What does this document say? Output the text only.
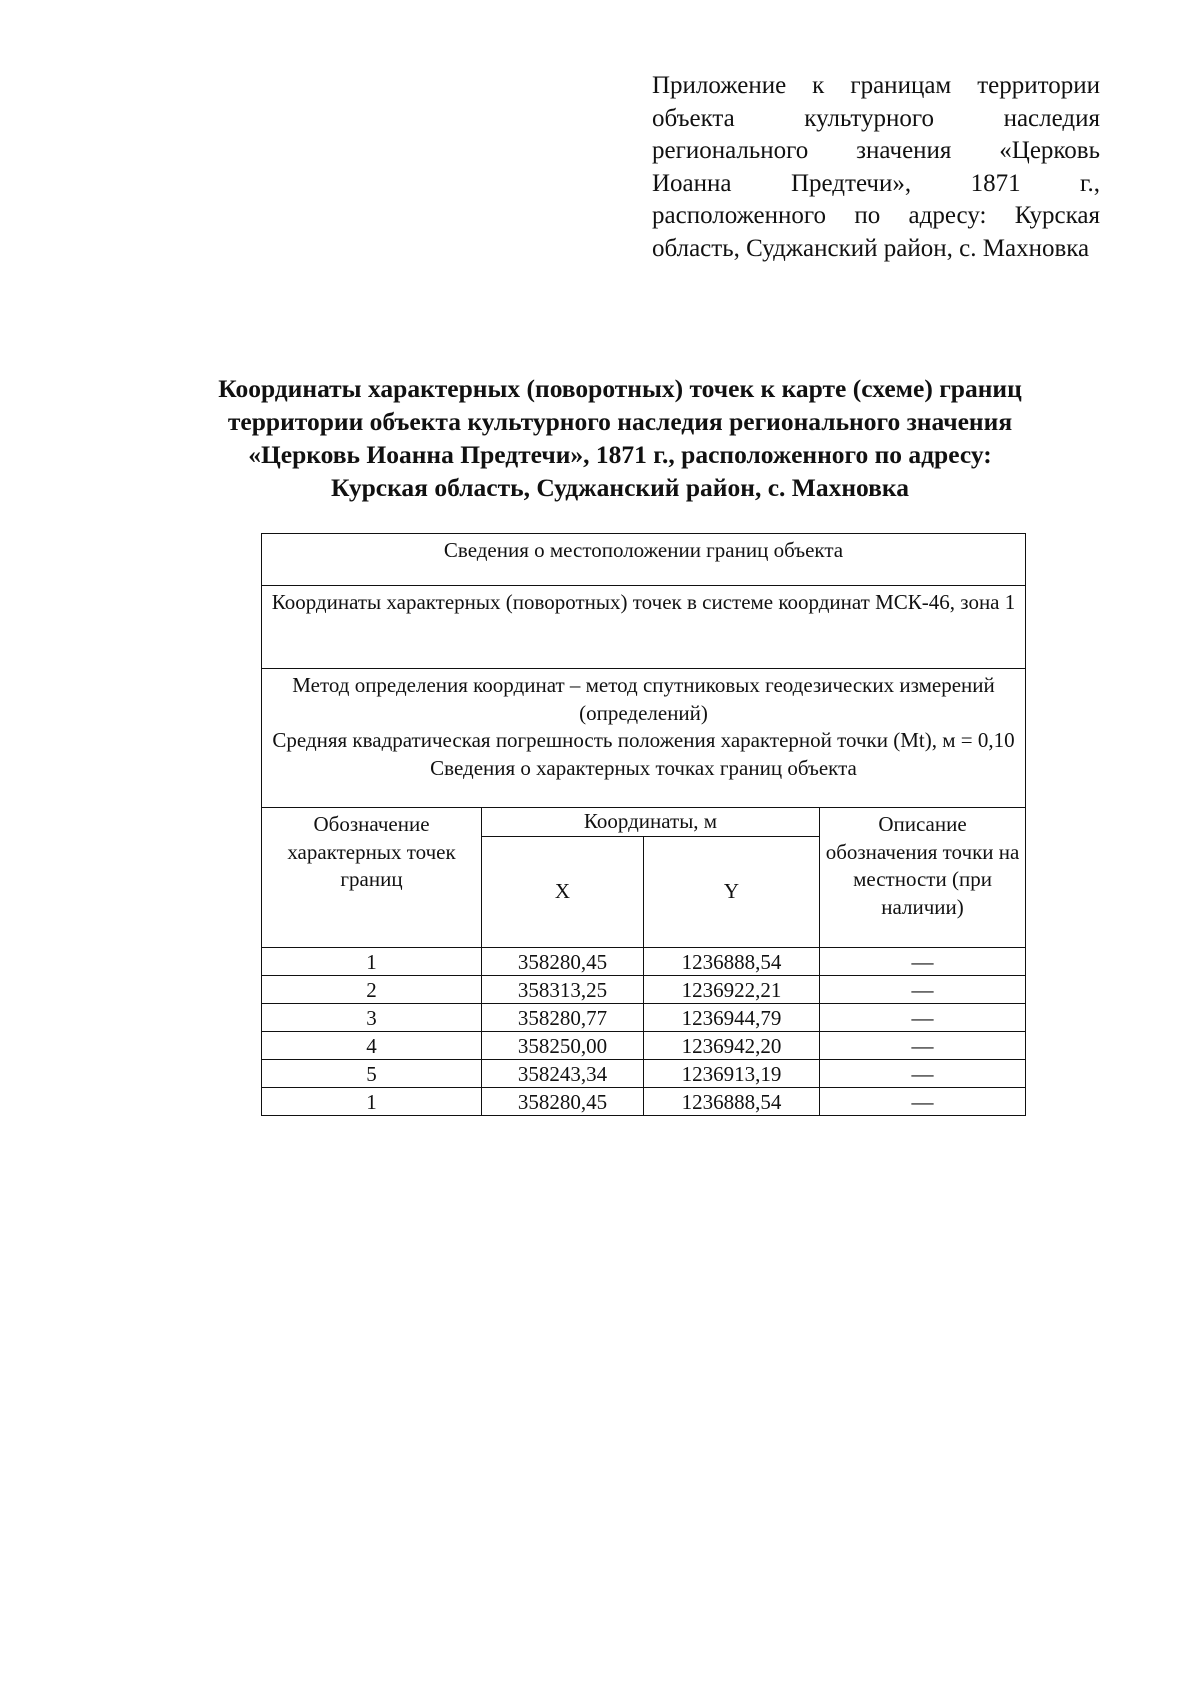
Приложение к границам территории объекта культурного наследия регионального значения «Церковь Иоанна Предтечи», 1871 г., расположенного по адресу: Курская область, Суджанский район, с. Махновка
Координаты характерных (поворотных) точек к карте (схеме) границ
территории объекта культурного наследия регионального значения
«Церковь Иоанна Предтечи», 1871 г., расположенного по адресу:
Курская область, Суджанский район, с. Махновка
Сведения о местоположении границ объекта			
Координаты характерных (поворотных) точек в системе координат МСК-46, зона 1			

Метод определения координат – метод спутниковых геодезических измерений (определений)
Средняя квадратическая погрешность положения характерной точки (Mt), м = 0,10
Сведения о характерных точках границ объекта			

Обозначение характерных точек границ	Координаты, м		Описание обозначения точки на местности (при наличии)
	X	Y	
1	358280,45	1236888,54	—
2	358313,25	1236922,21	—
3	358280,77	1236944,79	—
4	358250,00	1236942,20	—
5	358243,34	1236913,19	—
1	358280,45	1236888,54	—
